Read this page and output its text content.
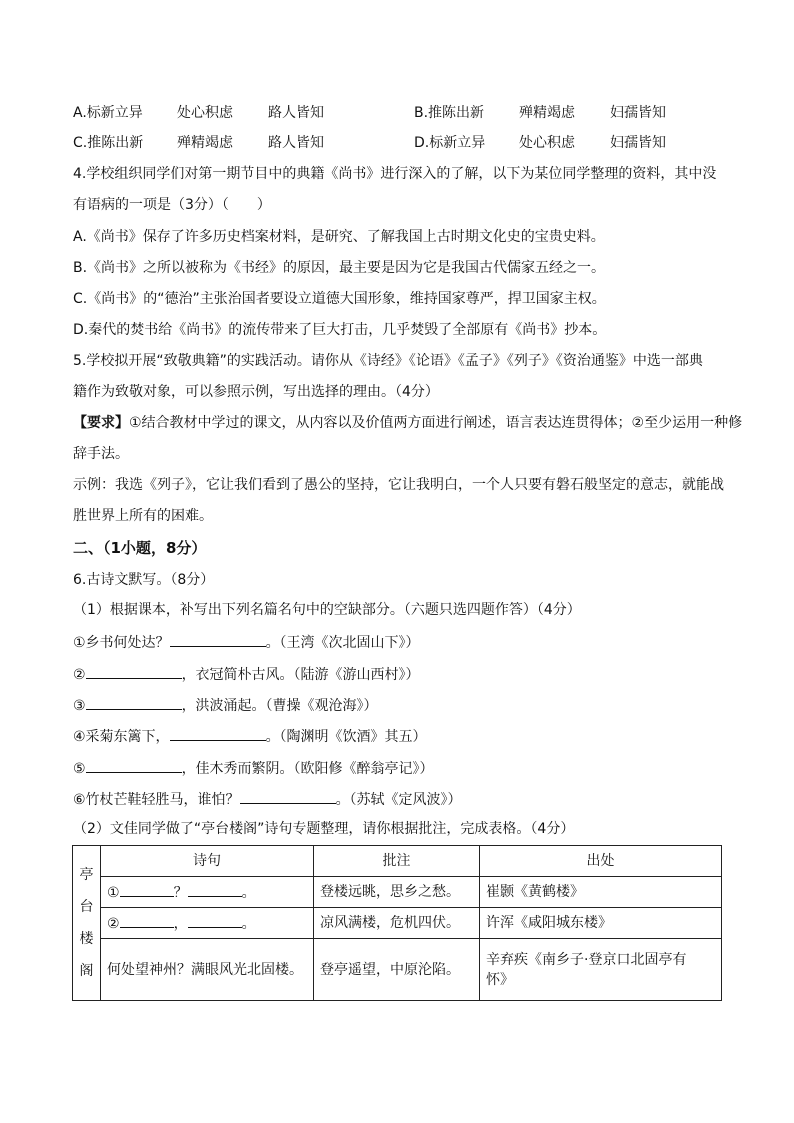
A.标新立异 处心积虑	路人皆知	B.推陈出新 殚精竭虑	妇孺皆知
C.推陈出新 殚精竭虑	路人皆知	D.标新立异 处心积虑	妇孺皆知
4.学校组织同学们对第一期节目中的典籍《尚书》进行深入的了解，以下为某位同学整理的资料，其中没
有语病的一项是（3分）（　　）
A.《尚书》保存了许多历史档案材料，是研究、了解我国上古时期文化史的宝贵史料。
B.《尚书》之所以被称为《书经》的原因，最主要是因为它是我国古代儒家五经之一。
C.《尚书》的“德治”主张治国者要设立道德大国形象，维持国家尊严，捍卫国家主权。
D.秦代的焚书给《尚书》的流传带来了巨大打击，几乎焚毁了全部原有《尚书》抄本。
5.学校拟开展“致敬典籍”的实践活动。请你从《诗经》《论语》《孟子》《列子》《资治通鉴》中选一部典
籍作为致敬对象，可以参照示例，写出选择的理由。（4分）
【要求】①结合教材中学过的课文，从内容以及价值两方面进行阐述，语言表达连贯得体；②至少运用一种修
辞手法。
示例：我选《列子》，它让我们看到了愚公的坚持，它让我明白，一个人只要有磐石般坚定的意志，就能战
胜世界上所有的困难。
二、（1小题，8分）
6.古诗文默写。（8分）
（1）根据课本，补写出下列名篇名句中的空缺部分。（六题只选四题作答）（4分）
①乡书何处达？	。（王湾《次北固山下》）
②	，衣冠简朴古风。（陆游《游山西村》）
③	，洪波涌起。（曹操《观沧海》）
④采菊东篱下，	。（陶渊明《饮酒》其五）
⑤	，佳木秀而繁阴。（欧阳修《醉翁亭记》）
⑥竹杖芒鞋轻胜马，谁怕？	。（苏轼《定风波》）
（2）文佳同学做了“亭台楼阁”诗句专题整理，请你根据批注，完成表格。（4分）
亭
台
楼
阁	诗句	批注	出处
	① ？ 。	登楼远眺，思乡之愁。	崔颢《黄鹤楼》
	② ， 。	凉风满楼，危机四伏。	许浑《咸阳城东楼》
	何处望神州？满眼风光北固楼。	登亭遥望，中原沦陷。	辛弃疾《南乡子·登京口北固亭有
怀》
